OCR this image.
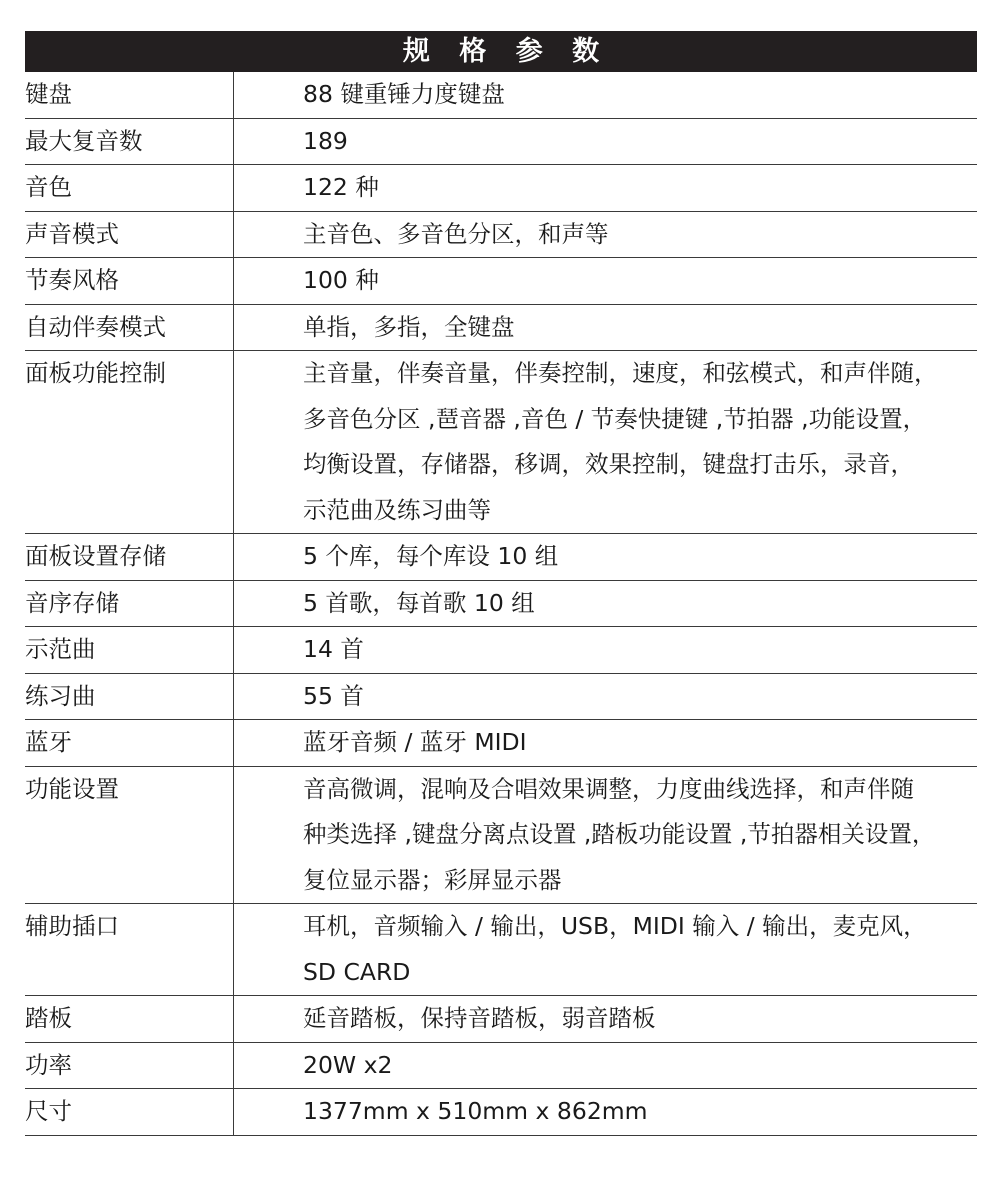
规 格 参 数
键盘	88 键重锤力度键盘
最大复音数	189
音色	122 种
声音模式	主音色、多音色分区，和声等
节奏风格	100 种
自动伴奏模式	单指，多指，全键盘
面板功能控制	主音量，伴奏音量，伴奏控制，速度，和弦模式，和声伴随，
多音色分区 ,琶音器 ,音色 / 节奏快捷键 ,节拍器 ,功能设置，
均衡设置，存储器，移调，效果控制，键盘打击乐，录音，
示范曲及练习曲等
面板设置存储	5 个库，每个库设 10 组
音序存储	5 首歌，每首歌 10 组
示范曲	14 首
练习曲	55 首
蓝牙	蓝牙音频 / 蓝牙 MIDI
功能设置	音高微调，混响及合唱效果调整，力度曲线选择，和声伴随
种类选择 ,键盘分离点设置 ,踏板功能设置 ,节拍器相关设置，
复位显示器；彩屏显示器
辅助插口	耳机，音频输入 / 输出，USB，MIDI 输入 / 输出，麦克风，
SD CARD
踏板	延音踏板，保持音踏板，弱音踏板
功率	20W x2
尺寸	1377mm x 510mm x 862mm
